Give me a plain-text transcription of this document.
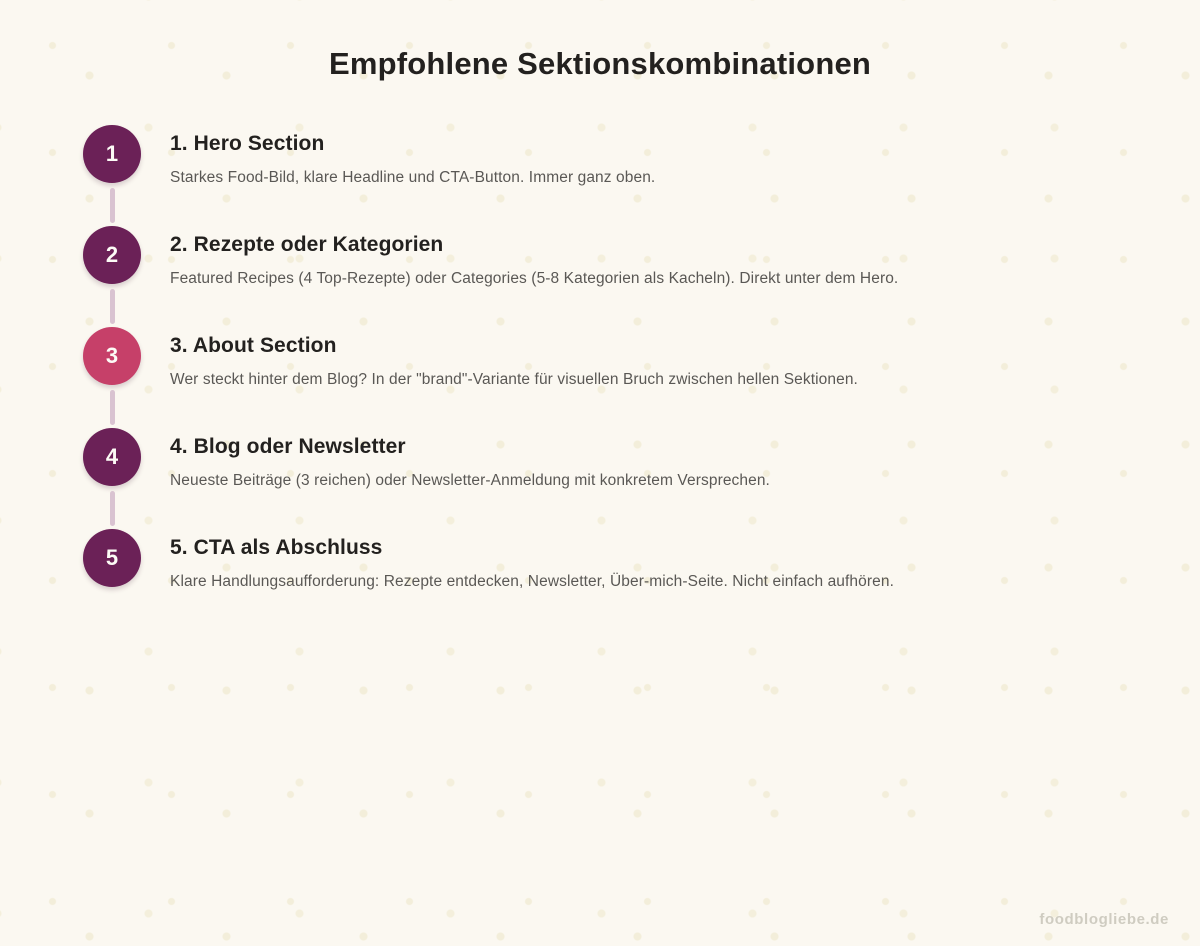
Empfohlene Sektionskombinationen
1	1. Hero Section
Starkes Food-Bild, klare Headline und CTA-Button. Immer ganz oben.
2	2. Rezepte oder Kategorien
Featured Recipes (4 Top-Rezepte) oder Categories (5-8 Kategorien als Kacheln). Direkt unter dem Hero.
3	3. About Section
Wer steckt hinter dem Blog? In der "brand"-Variante für visuellen Bruch zwischen hellen Sektionen.
4	4. Blog oder Newsletter
Neueste Beiträge (3 reichen) oder Newsletter-Anmeldung mit konkretem Versprechen.
5	5. CTA als Abschluss
Klare Handlungsaufforderung: Rezepte entdecken, Newsletter, Über-mich-Seite. Nicht einfach aufhören.
foodblogliebe.de
